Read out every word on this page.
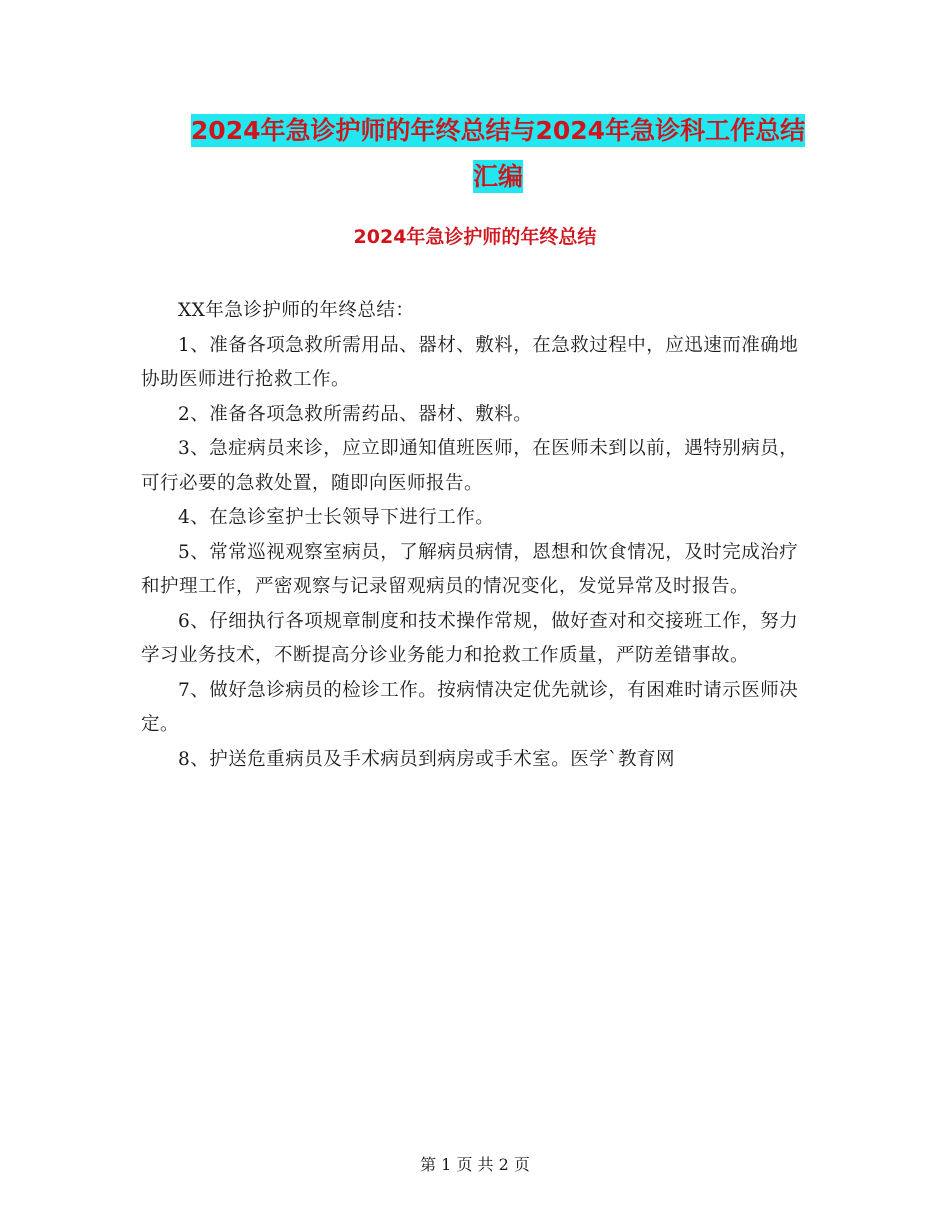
2024年急诊护师的年终总结与2024年急诊科工作总结
汇编
2024年急诊护师的年终总结

XX年急诊护师的年终总结：

1、准备各项急救所需用品、器材、敷料，在急救过程中，应迅速而准确地协助医师进行抢救工作。

2、准备各项急救所需药品、器材、敷料。

3、急症病员来诊，应立即通知值班医师，在医师未到以前，遇特别病员，可行必要的急救处置，随即向医师报告。

4、在急诊室护士长领导下进行工作。

5、常常巡视观察室病员，了解病员病情，恩想和饮食情况，及时完成治疗和护理工作，严密观察与记录留观病员的情况变化，发觉异常及时报告。

6、仔细执行各项规章制度和技术操作常规，做好查对和交接班工作，努力学习业务技术，不断提高分诊业务能力和抢救工作质量，严防差错事故。

7、做好急诊病员的检诊工作。按病情决定优先就诊，有困难时请示医师决定。

8、护送危重病员及手术病员到病房或手术室。医学`教育网

第 1 页 共 2 页
